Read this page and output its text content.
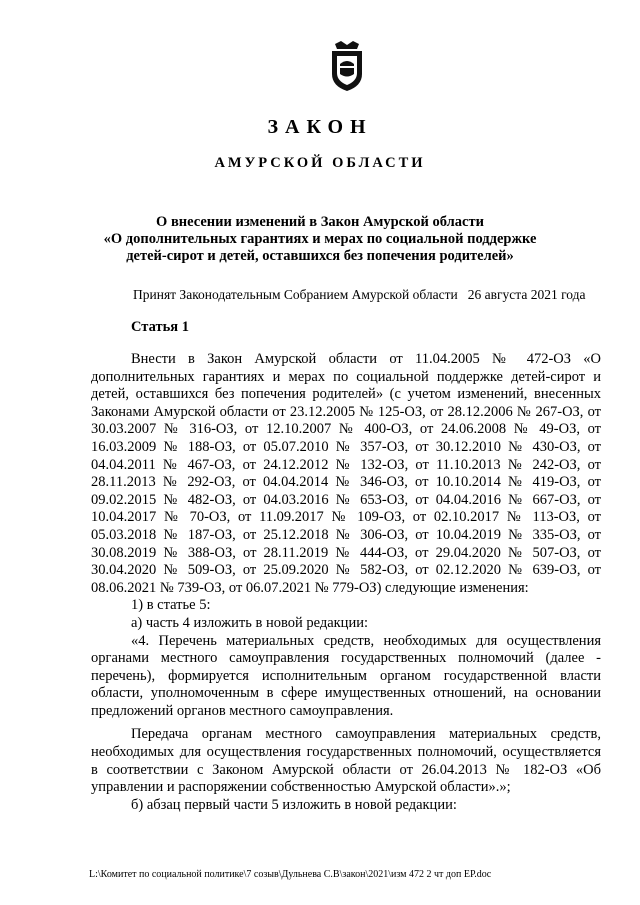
ЗАКОН
АМУРСКОЙ ОБЛАСТИ
О внесении изменений в Закон Амурской области
«О дополнительных гарантиях и мерах по социальной поддержке
детей-сирот и детей, оставшихся без попечения родителей»
Принят Законодательным Собранием Амурской области 26 августа 2021 года
Статья 1

Внести в Закон Амурской области от 11.04.2005 № 472-ОЗ «О дополнительных гарантиях и мерах по социальной поддержке детей-сирот и детей, оставшихся без попечения родителей» (с учетом изменений, внесенных Законами Амурской области от 23.12.2005 № 125-ОЗ, от 28.12.2006 № 267-ОЗ, от 30.03.2007 № 316-ОЗ, от 12.10.2007 № 400-ОЗ, от 24.06.2008 № 49-ОЗ, от 16.03.2009 № 188-ОЗ, от 05.07.2010 № 357-ОЗ, от 30.12.2010 № 430-ОЗ, от 04.04.2011 № 467-ОЗ, от 24.12.2012 № 132-ОЗ, от 11.10.2013 № 242-ОЗ, от 28.11.2013 № 292-ОЗ, от 04.04.2014 № 346-ОЗ, от 10.10.2014 № 419-ОЗ, от 09.02.2015 № 482-ОЗ, от 04.03.2016 № 653-ОЗ, от 04.04.2016 № 667-ОЗ, от 10.04.2017 № 70-ОЗ, от 11.09.2017 № 109-ОЗ, от 02.10.2017 № 113-ОЗ, от 05.03.2018 № 187-ОЗ, от 25.12.2018 № 306-ОЗ, от 10.04.2019 № 335-ОЗ, от 30.08.2019 № 388-ОЗ, от 28.11.2019 № 444-ОЗ, от 29.04.2020 № 507-ОЗ, от 30.04.2020 № 509-ОЗ, от 25.09.2020 № 582-ОЗ, от 02.12.2020 № 639-ОЗ, от 08.06.2021 № 739-ОЗ, от 06.07.2021 № 779-ОЗ) следующие изменения:

1) в статье 5:

а) часть 4 изложить в новой редакции:

«4. Перечень материальных средств, необходимых для осуществления органами местного самоуправления государственных полномочий (далее - перечень), формируется исполнительным органом государственной власти области, уполномоченным в сфере имущественных отношений, на основании предложений органов местного самоуправления.

Передача органам местного самоуправления материальных средств, необходимых для осуществления государственных полномочий, осуществляется в соответствии с Законом Амурской области от 26.04.2013 № 182-ОЗ «Об управлении и распоряжении собственностью Амурской области».»;

б) абзац первый части 5 изложить в новой редакции:

L:\Комитет по социальной политике\7 созыв\Дульнева С.В\закон\2021\изм 472 2 чт доп ЕР.doc
